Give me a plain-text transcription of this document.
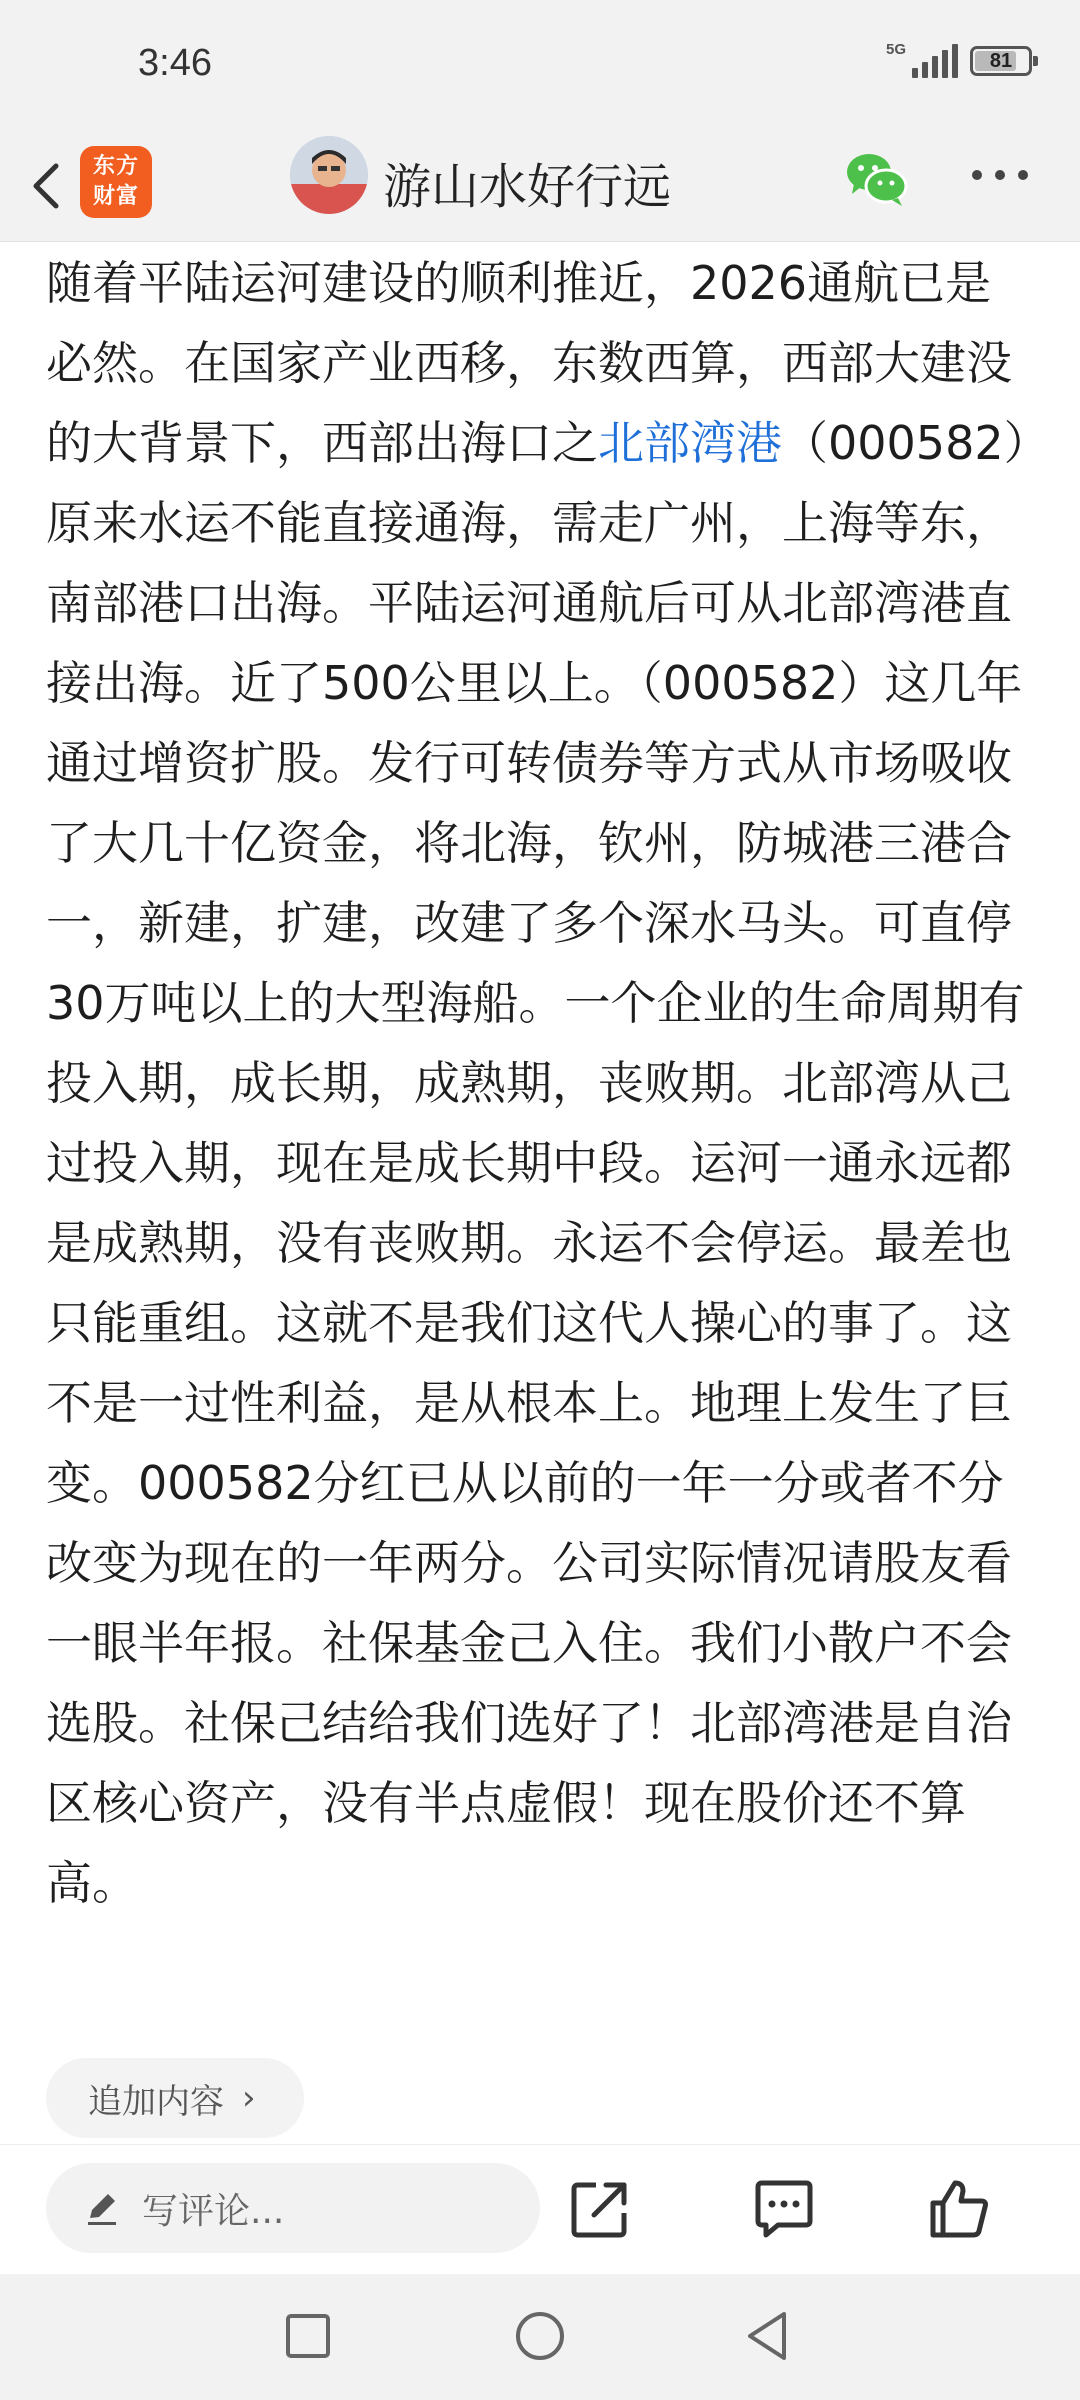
3:46	5G	81
东方财富	游山水好行远
随着平陆运河建设的顺利推近，2026通航已是必然。在国家产业西移，东数西算，西部大建没的大背景下，西部出海口之北部湾港（000582）原来水运不能直接通海，需走广州，上海等东，南部港口出海。平陆运河通航后可从北部湾港直接出海。近了500公里以上。（000582）这几年通过增资扩股。发行可转债券等方式从市场吸收了大几十亿资金，将北海，钦州，防城港三港合一，新建，扩建，改建了多个深水马头。可直停30万吨以上的大型海船。一个企业的生命周期有投入期，成长期，成熟期，丧败期。北部湾从己过投入期，现在是成长期中段。运河一通永远都是成熟期，没有丧败期。永运不会停运。最差也只能重组。这就不是我们这代人操心的事了。这不是一过性利益，是从根本上。地理上发生了巨变。000582分红已从以前的一年一分或者不分改变为现在的一年两分。公司实际情况请股友看一眼半年报。社保基金己入住。我们小散户不会选股。社保己结给我们选好了！北部湾港是自治区核心资产，没有半点虚假！现在股价还不算高。
追加内容 ›
写评论...
